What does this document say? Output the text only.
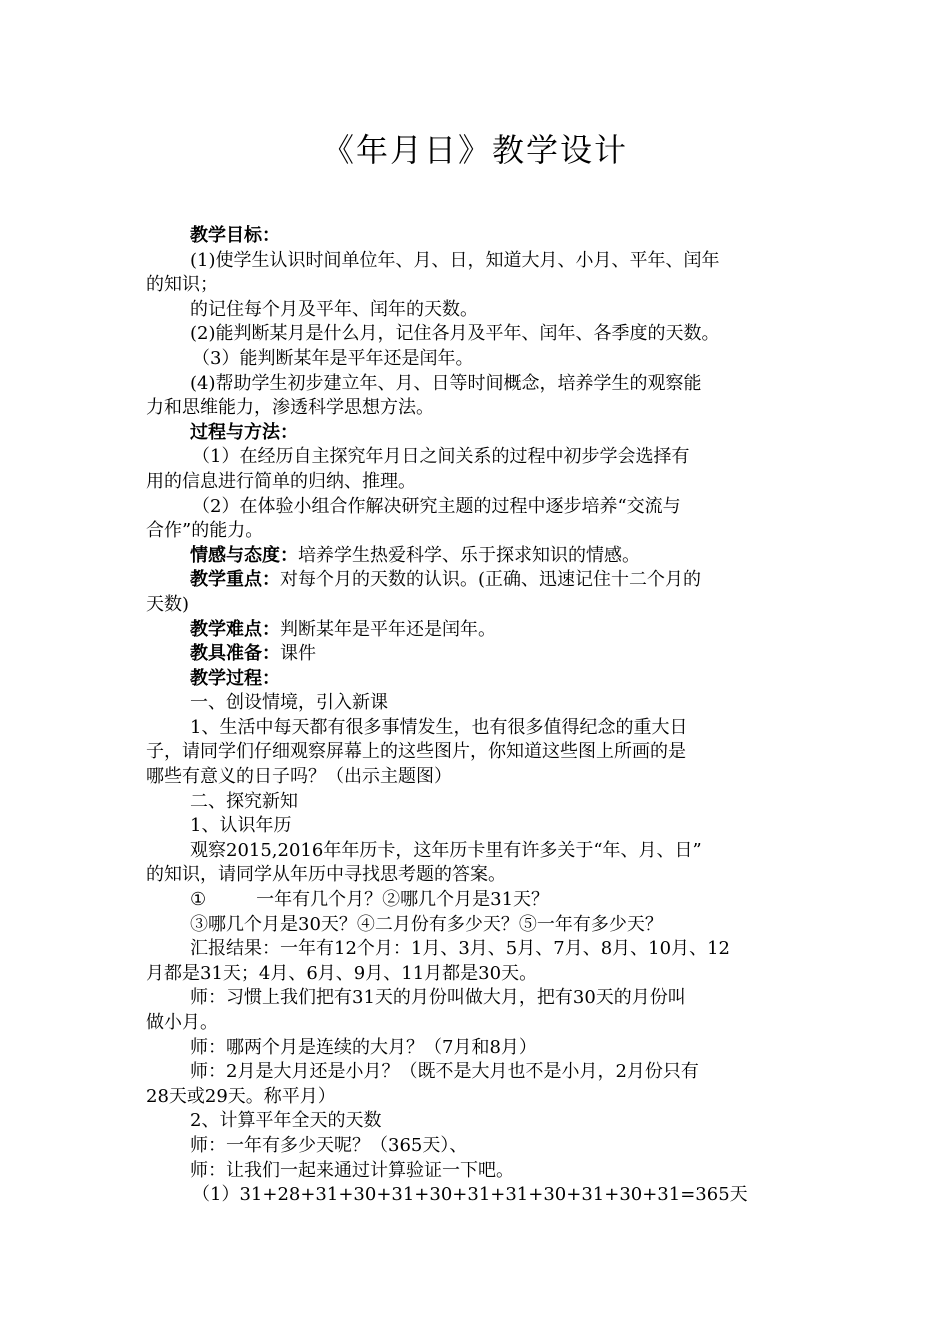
《年月日》教学设计
教学目标：
(1)使学生认识时间单位年、月、日，知道大月、小月、平年、闰年
的知识；
的记住每个月及平年、闰年的天数。
(2)能判断某月是什么月，记住各月及平年、闰年、各季度的天数。
（3）能判断某年是平年还是闰年。
(4)帮助学生初步建立年、月、日等时间概念，培养学生的观察能
力和思维能力，渗透科学思想方法。
过程与方法：
（1）在经历自主探究年月日之间关系的过程中初步学会选择有
用的信息进行简单的归纳、推理。
（2）在体验小组合作解决研究主题的过程中逐步培养“交流与
合作”的能力。
情感与态度：培养学生热爱科学、乐于探求知识的情感。
教学重点：对每个月的天数的认识。(正确、迅速记住十二个月的
天数)
教学难点：判断某年是平年还是闰年。
教具准备：课件
教学过程：
一、创设情境，引入新课
1、生活中每天都有很多事情发生，也有很多值得纪念的重大日
子，请同学们仔细观察屏幕上的这些图片，你知道这些图上所画的是
哪些有意义的日子吗？（出示主题图）
二、探究新知
1、认识年历
观察2015,2016年年历卡，这年历卡里有许多关于“年、月、日”
的知识，请同学从年历中寻找思考题的答案。
①	一年有几个月？②哪几个月是31天？
③哪几个月是30天？④二月份有多少天？⑤一年有多少天？
汇报结果：一年有12个月：1月、3月、5月、7月、8月、10月、12
月都是31天；4月、6月、9月、11月都是30天。
师：习惯上我们把有31天的月份叫做大月，把有30天的月份叫
做小月。
师：哪两个月是连续的大月？（7月和8月）
师：2月是大月还是小月？（既不是大月也不是小月，2月份只有
28天或29天。称平月）
2、计算平年全天的天数
师：一年有多少天呢？（365天）、
师：让我们一起来通过计算验证一下吧。
（1）31+28+31+30+31+30+31+31+30+31+30+31=365天
